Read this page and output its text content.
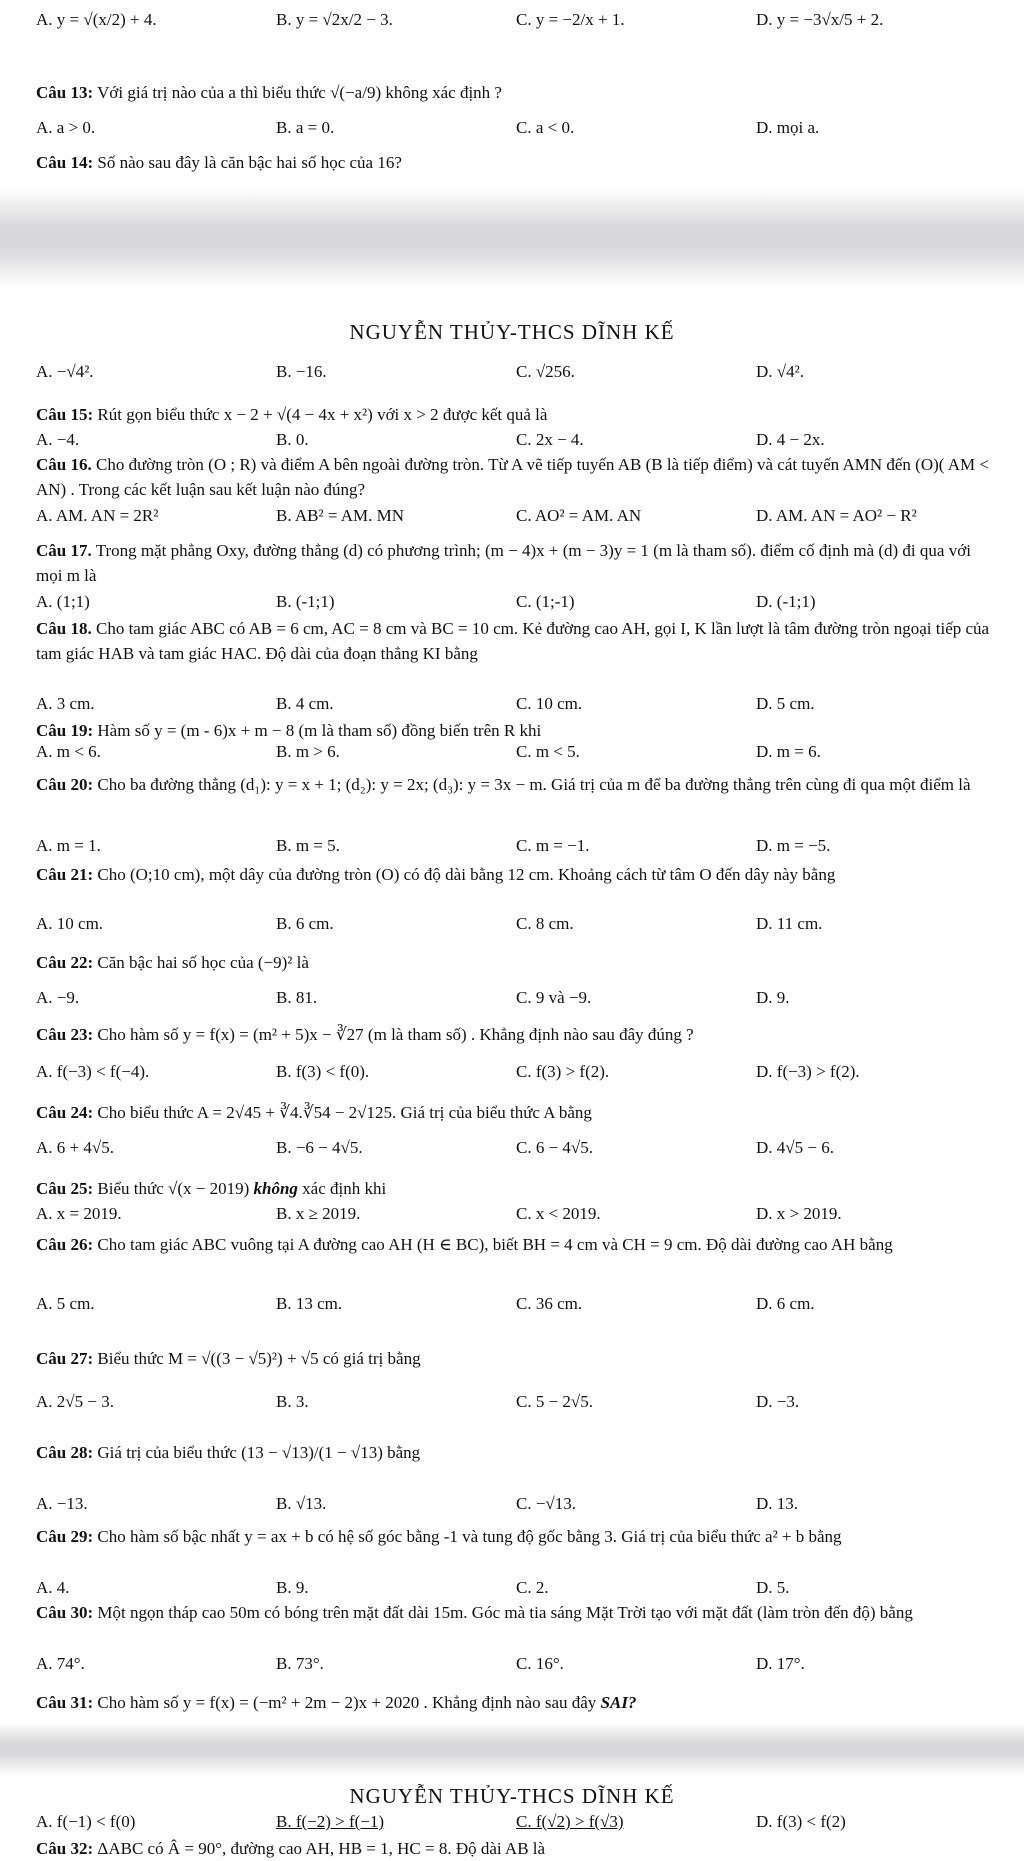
A. y = √(x/2) + 4.	B. y = √2x/2 − 3.	C. y = −2/x + 1.	D. y = −3√x/5 + 2.
Câu 13: Với giá trị nào của a thì biểu thức √(−a/9) không xác định ?
A. a > 0.	B. a = 0.	C. a < 0.	D. mọi a.
Câu 14: Số nào sau đây là căn bậc hai số học của 16?
NGUYỄN THỦY-THCS DĨNH KẾ
A. −√4².	B. −16.	C. √256.	D. √4².
Câu 15: Rút gọn biểu thức x − 2 + √(4 − 4x + x²) với x > 2 được kết quả là
A. −4.	B. 0.	C. 2x − 4.	D. 4 − 2x.
Câu 16. Cho đường tròn (O ; R) và điểm A bên ngoài đường tròn. Từ A vẽ tiếp tuyến AB (B là tiếp điểm) và cát tuyến AMN đến (O)( AM < AN) . Trong các kết luận sau kết luận nào đúng?
A. AM. AN = 2R²	B. AB² = AM. MN	C. AO² = AM. AN	D. AM. AN = AO² − R²
Câu 17. Trong mặt phẳng Oxy, đường thẳng (d) có phương trình; (m − 4)x + (m − 3)y = 1 (m là tham số). điểm cố định mà (d) đi qua với mọi m là
A. (1;1)	B. (-1;1)	C. (1;-1)	D. (-1;1)
Câu 18. Cho tam giác ABC có AB = 6 cm, AC = 8 cm và BC = 10 cm. Kẻ đường cao AH, gọi I, K lần lượt là tâm đường tròn ngoại tiếp của tam giác HAB và tam giác HAC. Độ dài của đoạn thẳng KI bằng
A. 3 cm.	B. 4 cm.	C. 10 cm.	D. 5 cm.
Câu 19: Hàm số y = (m - 6)x + m − 8 (m là tham số) đồng biến trên R khi
A. m < 6.	B. m > 6.	C. m < 5.	D. m = 6.
Câu 20: Cho ba đường thẳng (d₁): y = x + 1; (d₂): y = 2x; (d₃): y = 3x − m. Giá trị của m để ba đường thẳng trên cùng đi qua một điểm là
A. m = 1.	B. m = 5.	C. m = −1.	D. m = −5.
Câu 21: Cho (O;10 cm), một dây của đường tròn (O) có độ dài bằng 12 cm. Khoảng cách từ tâm O đến dây này bằng
A. 10 cm.	B. 6 cm.	C. 8 cm.	D. 11 cm.
Câu 22: Căn bậc hai số học của (−9)² là
A. −9.	B. 81.	C. 9 và −9.	D. 9.
Câu 23: Cho hàm số y = f(x) = (m² + 5)x − ∛27 (m là tham số) . Khẳng định nào sau đây đúng ?
A. f(−3) < f(−4).	B. f(3) < f(0).	C. f(3) > f(2).	D. f(−3) > f(2).
Câu 24: Cho biểu thức A = 2√45 + ∛4.∛54 − 2√125. Giá trị của biểu thức A bằng
A. 6 + 4√5.	B. −6 − 4√5.	C. 6 − 4√5.	D. 4√5 − 6.
Câu 25: Biểu thức √(x − 2019) không xác định khi
A. x = 2019.	B. x ≥ 2019.	C. x < 2019.	D. x > 2019.
Câu 26: Cho tam giác ABC vuông tại A đường cao AH (H ∈ BC), biết BH = 4 cm và CH = 9 cm. Độ dài đường cao AH bằng
A. 5 cm.	B. 13 cm.	C. 36 cm.	D. 6 cm.
Câu 27: Biểu thức M = √((3 − √5)²) + √5 có giá trị bằng
A. 2√5 − 3.	B. 3.	C. 5 − 2√5.	D. −3.
Câu 28: Giá trị của biểu thức (13 − √13)/(1 − √13) bằng
A. −13.	B. √13.	C. −√13.	D. 13.
Câu 29: Cho hàm số bậc nhất y = ax + b có hệ số góc bằng -1 và tung độ gốc bằng 3. Giá trị của biểu thức a² + b bằng
A. 4.	B. 9.	C. 2.	D. 5.
Câu 30: Một ngọn tháp cao 50m có bóng trên mặt đất dài 15m. Góc mà tia sáng Mặt Trời tạo với mặt đất (làm tròn đến độ) bằng
A. 74°.	B. 73°.	C. 16°.	D. 17°.
Câu 31: Cho hàm số y = f(x) = (−m² + 2m − 2)x + 2020 . Khẳng định nào sau đây SAI?
NGUYỄN THỦY-THCS DĨNH KẾ
A. f(−1) < f(0)	B. f(−2) > f(−1)	C. f(√2) > f(√3)	D. f(3) < f(2)
Câu 32: ΔABC có Â = 90°, đường cao AH, HB = 1, HC = 8. Độ dài AB là
